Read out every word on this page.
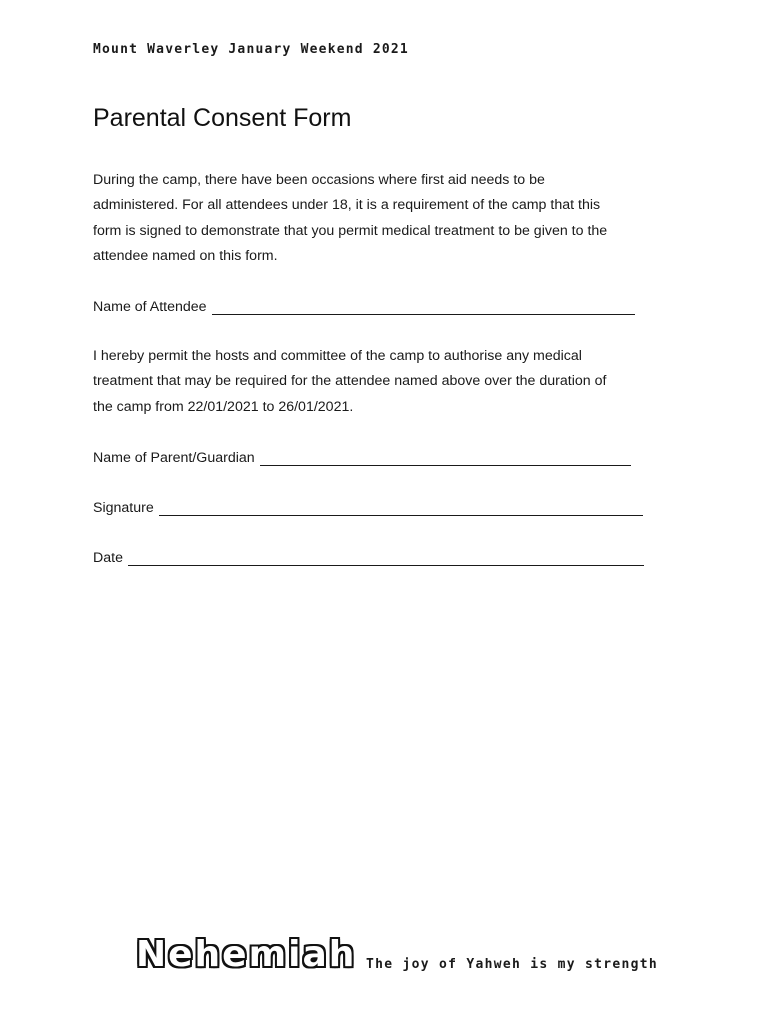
Mount Waverley January Weekend 2021
Parental Consent Form
During the camp, there have been occasions where first aid needs to be
administered. For all attendees under 18, it is a requirement of the camp that this
form is signed to demonstrate that you permit medical treatment to be given to the
attendee named on this form.
Name of Attendee
I hereby permit the hosts and committee of the camp to authorise any medical
treatment that may be required for the attendee named above over the duration of
the camp from 22/01/2021 to 26/01/2021.
Name of Parent/Guardian
Signature
Date
Nehemiah The joy of Yahweh is my strength
